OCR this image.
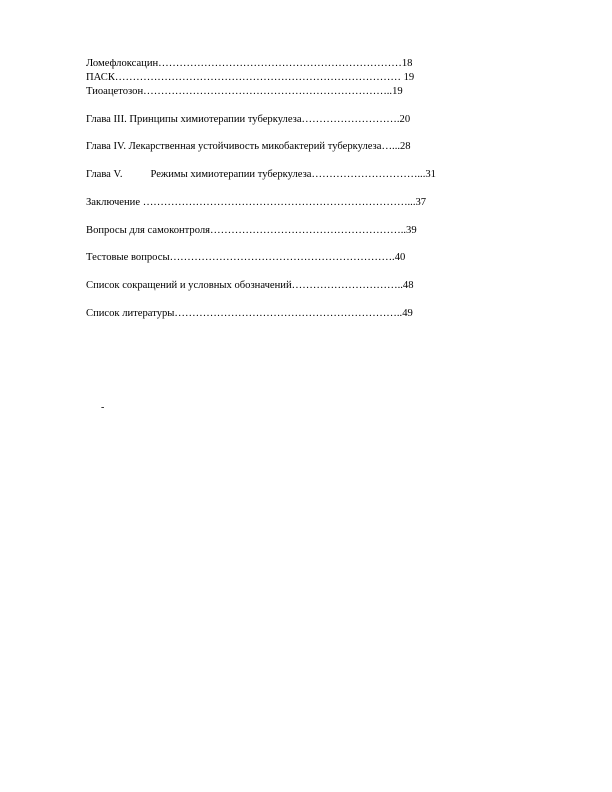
Ломефлоксацин……………………………………………………………18

ПАСК……………………………………………………………………… 19

Тиоацетозон……………………………………………………………..19

Глава III. Принципы химиотерапии туберкулеза……………………….20

Глава IV. Лекарственная устойчивость микобактерий туберкулеза…...28

Глава V.	Режимы химиотерапии туберкулеза…………………………...31

Заключение …………………………………………………………………...37

Вопросы для самоконтроля………………………………………………..39

Тестовые вопросы……………………………………………………….40

Список сокращений и условных обозначений…………………………..48

Список литературы………………………………………………………..49

-
